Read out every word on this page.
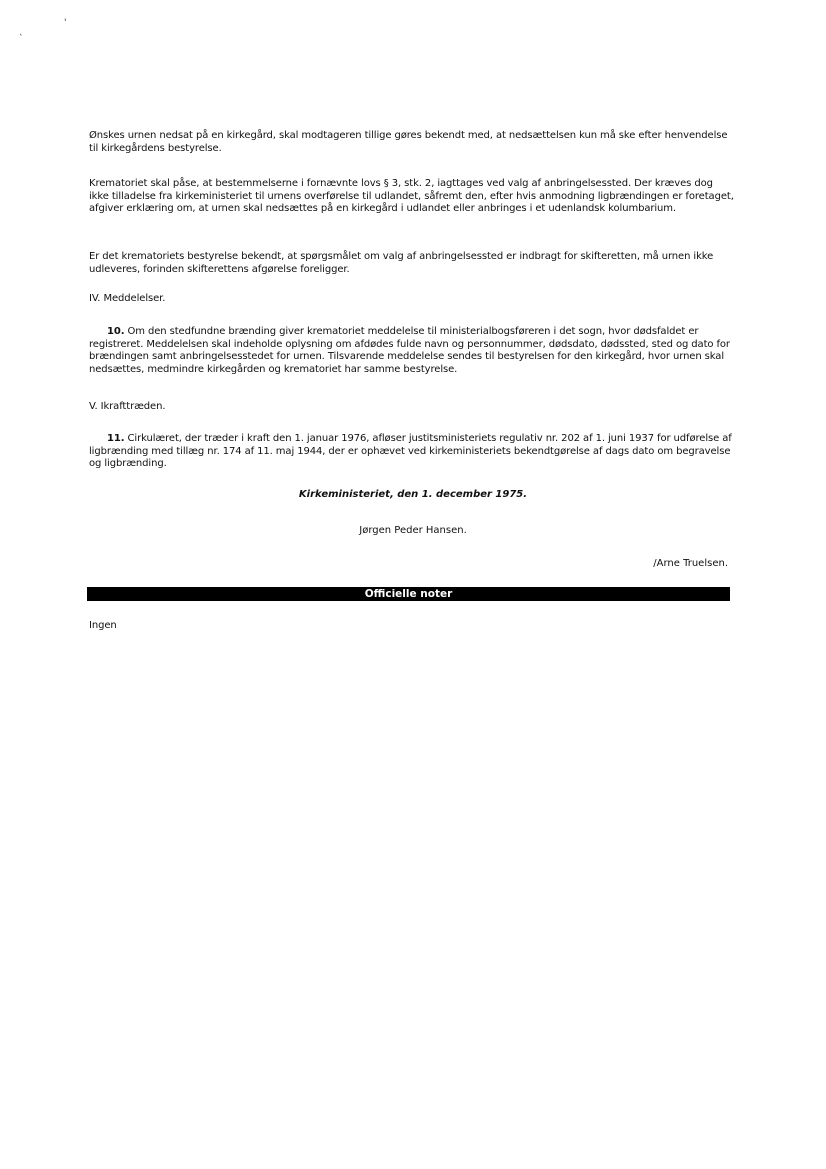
'
`

Ønskes urnen nedsat på en kirkegård, skal modtageren tillige gøres bekendt med, at nedsættelsen kun må ske efter henvendelse til kirkegårdens bestyrelse.

Krematoriet skal påse, at bestemmelserne i fornævnte lovs § 3, stk. 2, iagttages ved valg af anbringelsessted. Der kræves dog ikke tilladelse fra kirkeministeriet til urnens overførelse til udlandet, såfremt den, efter hvis anmodning ligbrændingen er foretaget, afgiver erklæring om, at urnen skal nedsættes på en kirkegård i udlandet eller anbringes i et udenlandsk kolumbarium.

Er det krematoriets bestyrelse bekendt, at spørgsmålet om valg af anbringelsessted er indbragt for skifteretten, må urnen ikke udleveres, forinden skifterettens afgørelse foreligger.

IV. Meddelelser.

10. Om den stedfundne brænding giver krematoriet meddelelse til ministerialbogsføreren i det sogn, hvor dødsfaldet er registreret. Meddelelsen skal indeholde oplysning om afdødes fulde navn og personnummer, dødsdato, dødssted, sted og dato for brændingen samt anbringelsesstedet for urnen. Tilsvarende meddelelse sendes til bestyrelsen for den kirkegård, hvor urnen skal nedsættes, medmindre kirkegården og krematoriet har samme bestyrelse.

V. Ikrafttræden.

11. Cirkulæret, der træder i kraft den 1. januar 1976, afløser justitsministeriets regulativ nr. 202 af 1. juni 1937 for udførelse af ligbrænding med tillæg nr. 174 af 11. maj 1944, der er ophævet ved kirkeministeriets bekendtgørelse af dags dato om begravelse og ligbrænding.

Kirkeministeriet, den 1. december 1975.
Jørgen Peder Hansen.
/Arne Truelsen.
Officielle noter
Ingen
